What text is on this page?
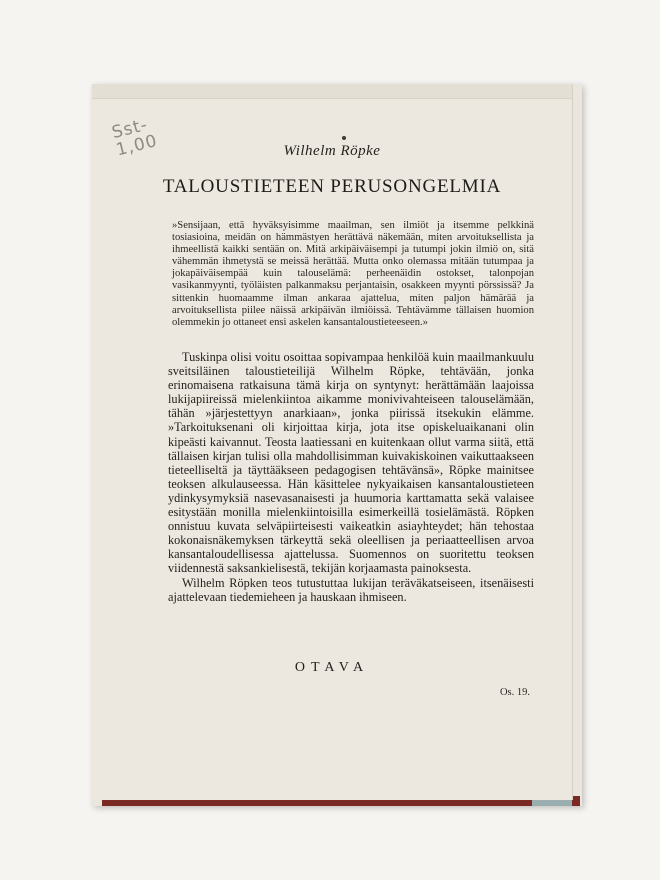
Sst-
1,00	Wilhelm Röpke
TALOUSTIETEEN PERUSONGELMIA

»Sensijaan, että hyväksyisimme maailman, sen ilmiöt ja itsemme pelkkinä tosiasioina, meidän on hämmästyen herättävä näkemään, miten arvoituksellista ja ihmeellistä kaikki sentään on. Mitä arkipäiväisempi ja tutumpi jokin ilmiö on, sitä vähemmän ihmetystä se meissä herättää. Mutta onko olemassa mitään tutumpaa ja jokapäiväisempää kuin talouselämä: perheenäidin ostokset, talonpojan vasikanmyynti, työläisten palkanmaksu perjantaisin, osakkeen myynti pörssissä? Ja sittenkin huomaamme ilman ankaraa ajattelua, miten paljon hämärää ja arvoituksellista piilee näissä arkipäivän ilmiöissä. Tehtävämme tällaisen huomion olemmekin jo ottaneet ensi askelen kansantaloustieteeseen.»

Tuskinpa olisi voitu osoittaa sopivampaa henkilöä kuin maailmankuulu sveitsiläinen taloustieteilijä Wilhelm Röpke, tehtävään, jonka erinomaisena ratkaisuna tämä kirja on syntynyt: herättämään laajoissa lukijapiireissä mielenkiintoa aikamme monivivahteiseen talouselämään, tähän »järjestettyyn anarkiaan», jonka piirissä itsekukin elämme. »Tarkoituksenani oli kirjoittaa kirja, jota itse opiskeluaikanani olin kipeästi kaivannut. Teosta laatiessani en kuitenkaan ollut varma siitä, että tällaisen kirjan tulisi olla mahdollisimman kuivakiskoinen vaikuttaakseen tieteelliseltä ja täyttääkseen pedagogisen tehtävänsä», Röpke mainitsee teoksen alkulauseessa. Hän käsittelee nykyaikaisen kansantaloustieteen ydinkysymyksiä nasevasanaisesti ja huumoria karttamatta sekä valaisee esitystään monilla mielenkiintoisilla esimerkeillä tosielämästä. Röpken onnistuu kuvata selväpiirteisesti vaikeatkin asiayhteydet; hän tehostaa kokonaisnäkemyksen tärkeyttä sekä oleellisen ja periaatteellisen arvoa kansantaloudellisessa ajattelussa. Suomennos on suoritettu teoksen viidennestä saksankielisestä, tekijän korjaamasta painoksesta.

Wilhelm Röpken teos tutustuttaa lukijan teräväkatseiseen, itsenäisesti ajattelevaan tiedemieheen ja hauskaan ihmiseen.

OTAVA
Os. 19.
